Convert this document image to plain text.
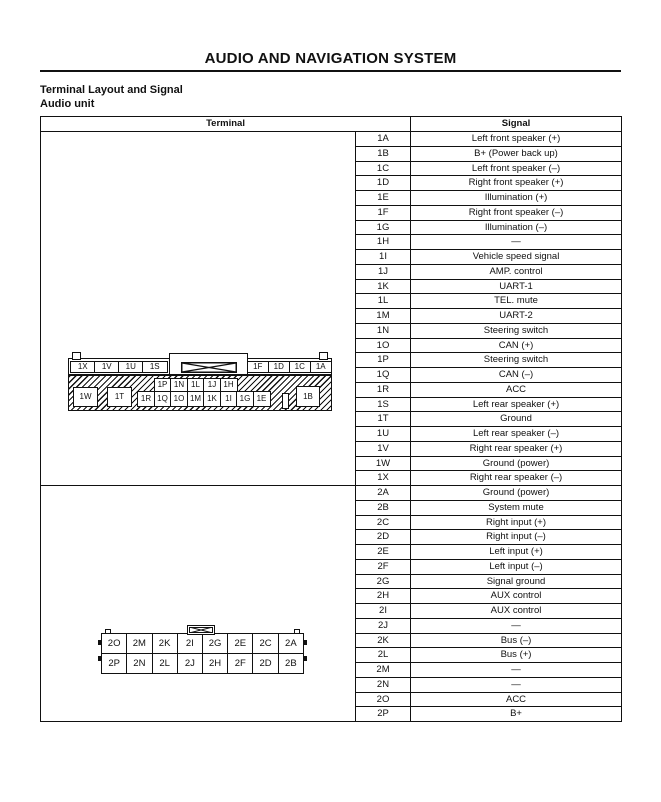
AUDIO AND NAVIGATION SYSTEM
Terminal Layout and Signal
Audio unit
Terminal	Signal

1X	1V	1U	1S	1F	1D	1C	1A
1W	1T
1P 1N 1L 1J 1H
1R 1Q 1O 1M 1K	1I 1G 1E	1B
	1A	Left front speaker (+)
1B	B+ (Power back up)
1C	Left front speaker (–)
1D	Right front speaker (+)
1E	Illumination (+)
1F	Right front speaker (–)
1G	Illumination (–)
1H	—
1I	Vehicle speed signal
1J	AMP. control
1K	UART-1
1L	TEL. mute
1M	UART-2
1N	Steering switch
1O	CAN (+)
1P	Steering switch
1Q	CAN (–)
1R	ACC
1S	Left rear speaker (+)
1T	Ground
1U	Left rear speaker (–)
1V	Right rear speaker (+)
1W	Ground (power)
1X	Right rear speaker (–)

2O	2M	2K	2I	2G	2E	2C	2A
2P	2N	2L	2J	2H	2F	2D	2B
	2A	Ground (power)
2B	System mute
2C	Right input (+)
2D	Right input (–)
2E	Left input (+)
2F	Left input (–)
2G	Signal ground
2H	AUX control
2I	AUX control
2J	—
2K	Bus (–)
2L	Bus (+)
2M	—
2N	—
2O	ACC
2P	B+
